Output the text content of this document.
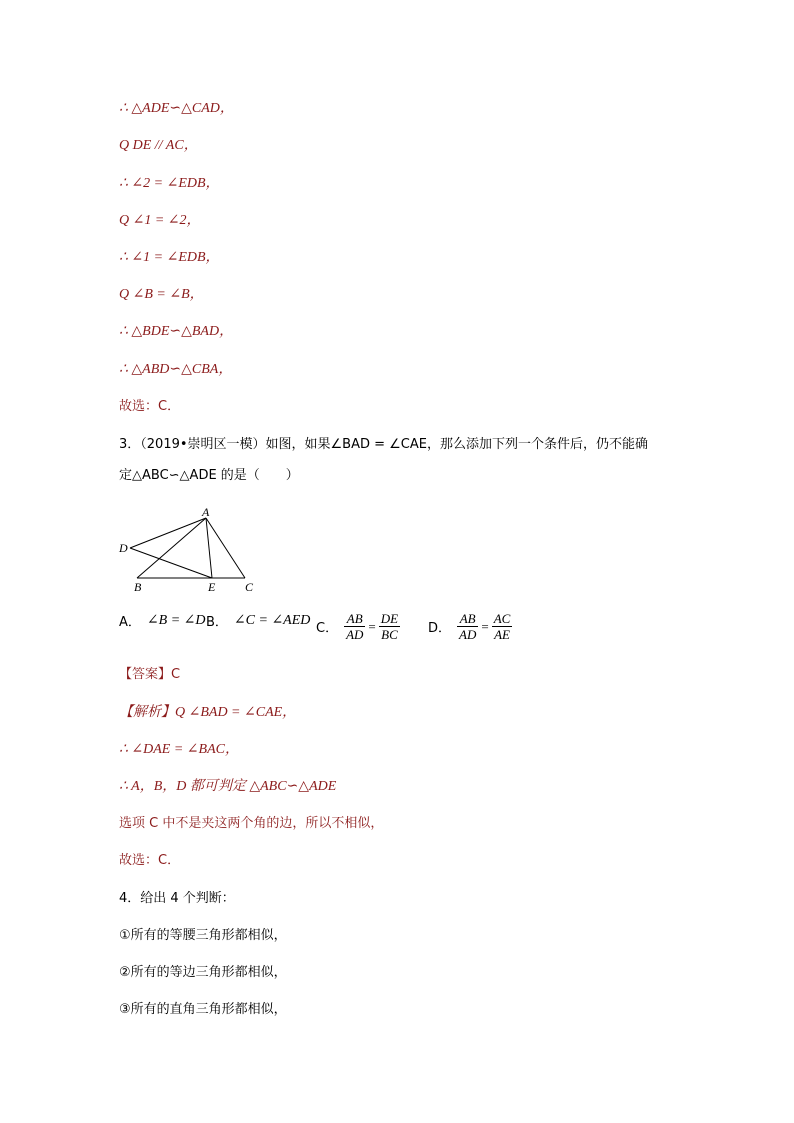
∴ △ADE∽△CAD，
Q DE // AC，
∴ ∠2 = ∠EDB，
Q ∠1 = ∠2，
∴ ∠1 = ∠EDB，
Q ∠B = ∠B，
∴ △BDE∽△BAD，
∴ △ABD∽△CBA，
故选：C．
3．（2019•崇明区一模）如图，如果∠BAD = ∠CAE，那么添加下列一个条件后，仍不能确
定△ABC∽△ADE 的是（　　）
A
B	C
D
E
A． ∠B = ∠D B． ∠C = ∠AED
C． $\frac{AB}{AD} = \frac{DE}{BC}$ D． $\frac{AB}{AD} = \frac{AC}{AE}$
【答案】C
【解析】Q ∠BAD = ∠CAE，
∴ ∠DAE = ∠BAC，
∴ A，B，D 都可判定 △ABC∽△ADE
选项 C 中不是夹这两个角的边，所以不相似，
故选：C．
4．给出 4 个判断：
①所有的等腰三角形都相似，
②所有的等边三角形都相似，
③所有的直角三角形都相似，
